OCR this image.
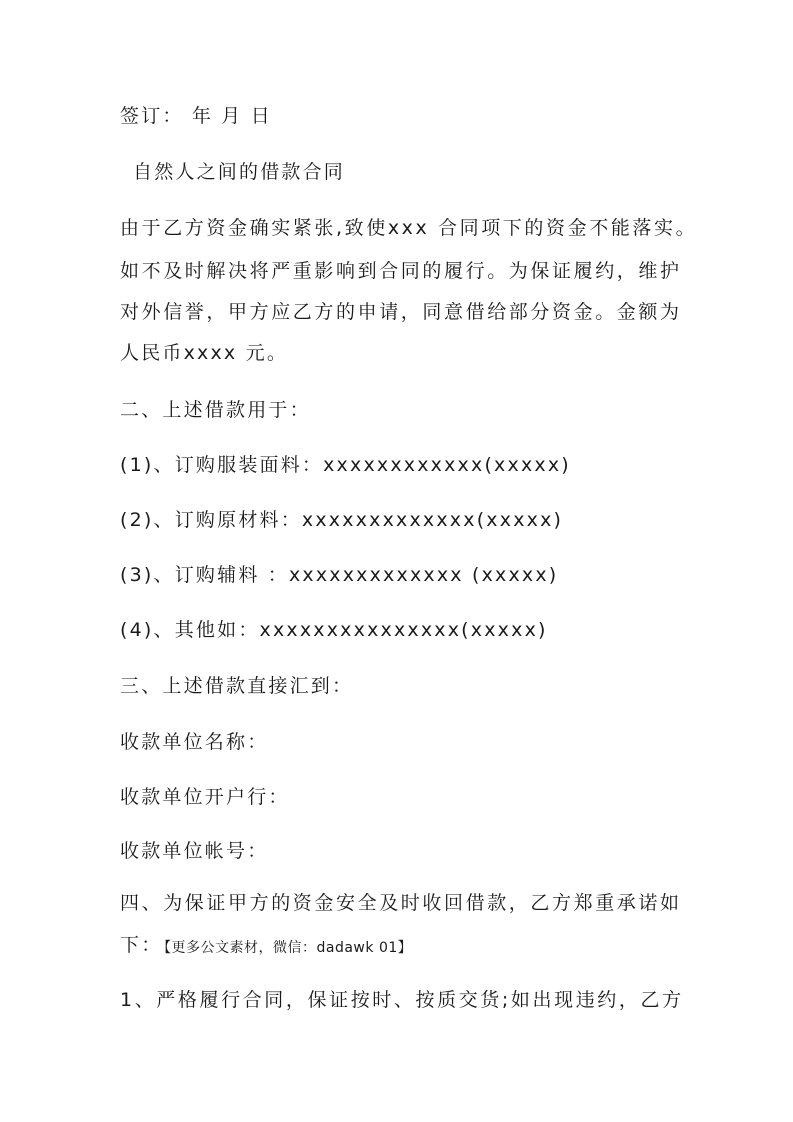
签订： 年 月 日
自然人之间的借款合同
由于乙方资金确实紧张,致使xxx 合同项下的资金不能落实。
如不及时解决将严重影响到合同的履行。为保证履约，维护
对外信誉，甲方应乙方的申请，同意借给部分资金。金额为
人民币xxxx 元。
二、上述借款用于：
(1)、订购服装面料：xxxxxxxxxxxx(xxxxx)
(2)、订购原材料：xxxxxxxxxxxxx(xxxxx)
(3)、订购辅料 ：xxxxxxxxxxxxx (xxxxx)
(4)、其他如：xxxxxxxxxxxxxxx(xxxxx)
三、上述借款直接汇到：
收款单位名称：
收款单位开户行：
收款单位帐号：
四、为保证甲方的资金安全及时收回借款，乙方郑重承诺如
下：
【更多公文素材，微信：dadawk 01】
1、严格履行合同，保证按时、按质交货;如出现违约，乙方
